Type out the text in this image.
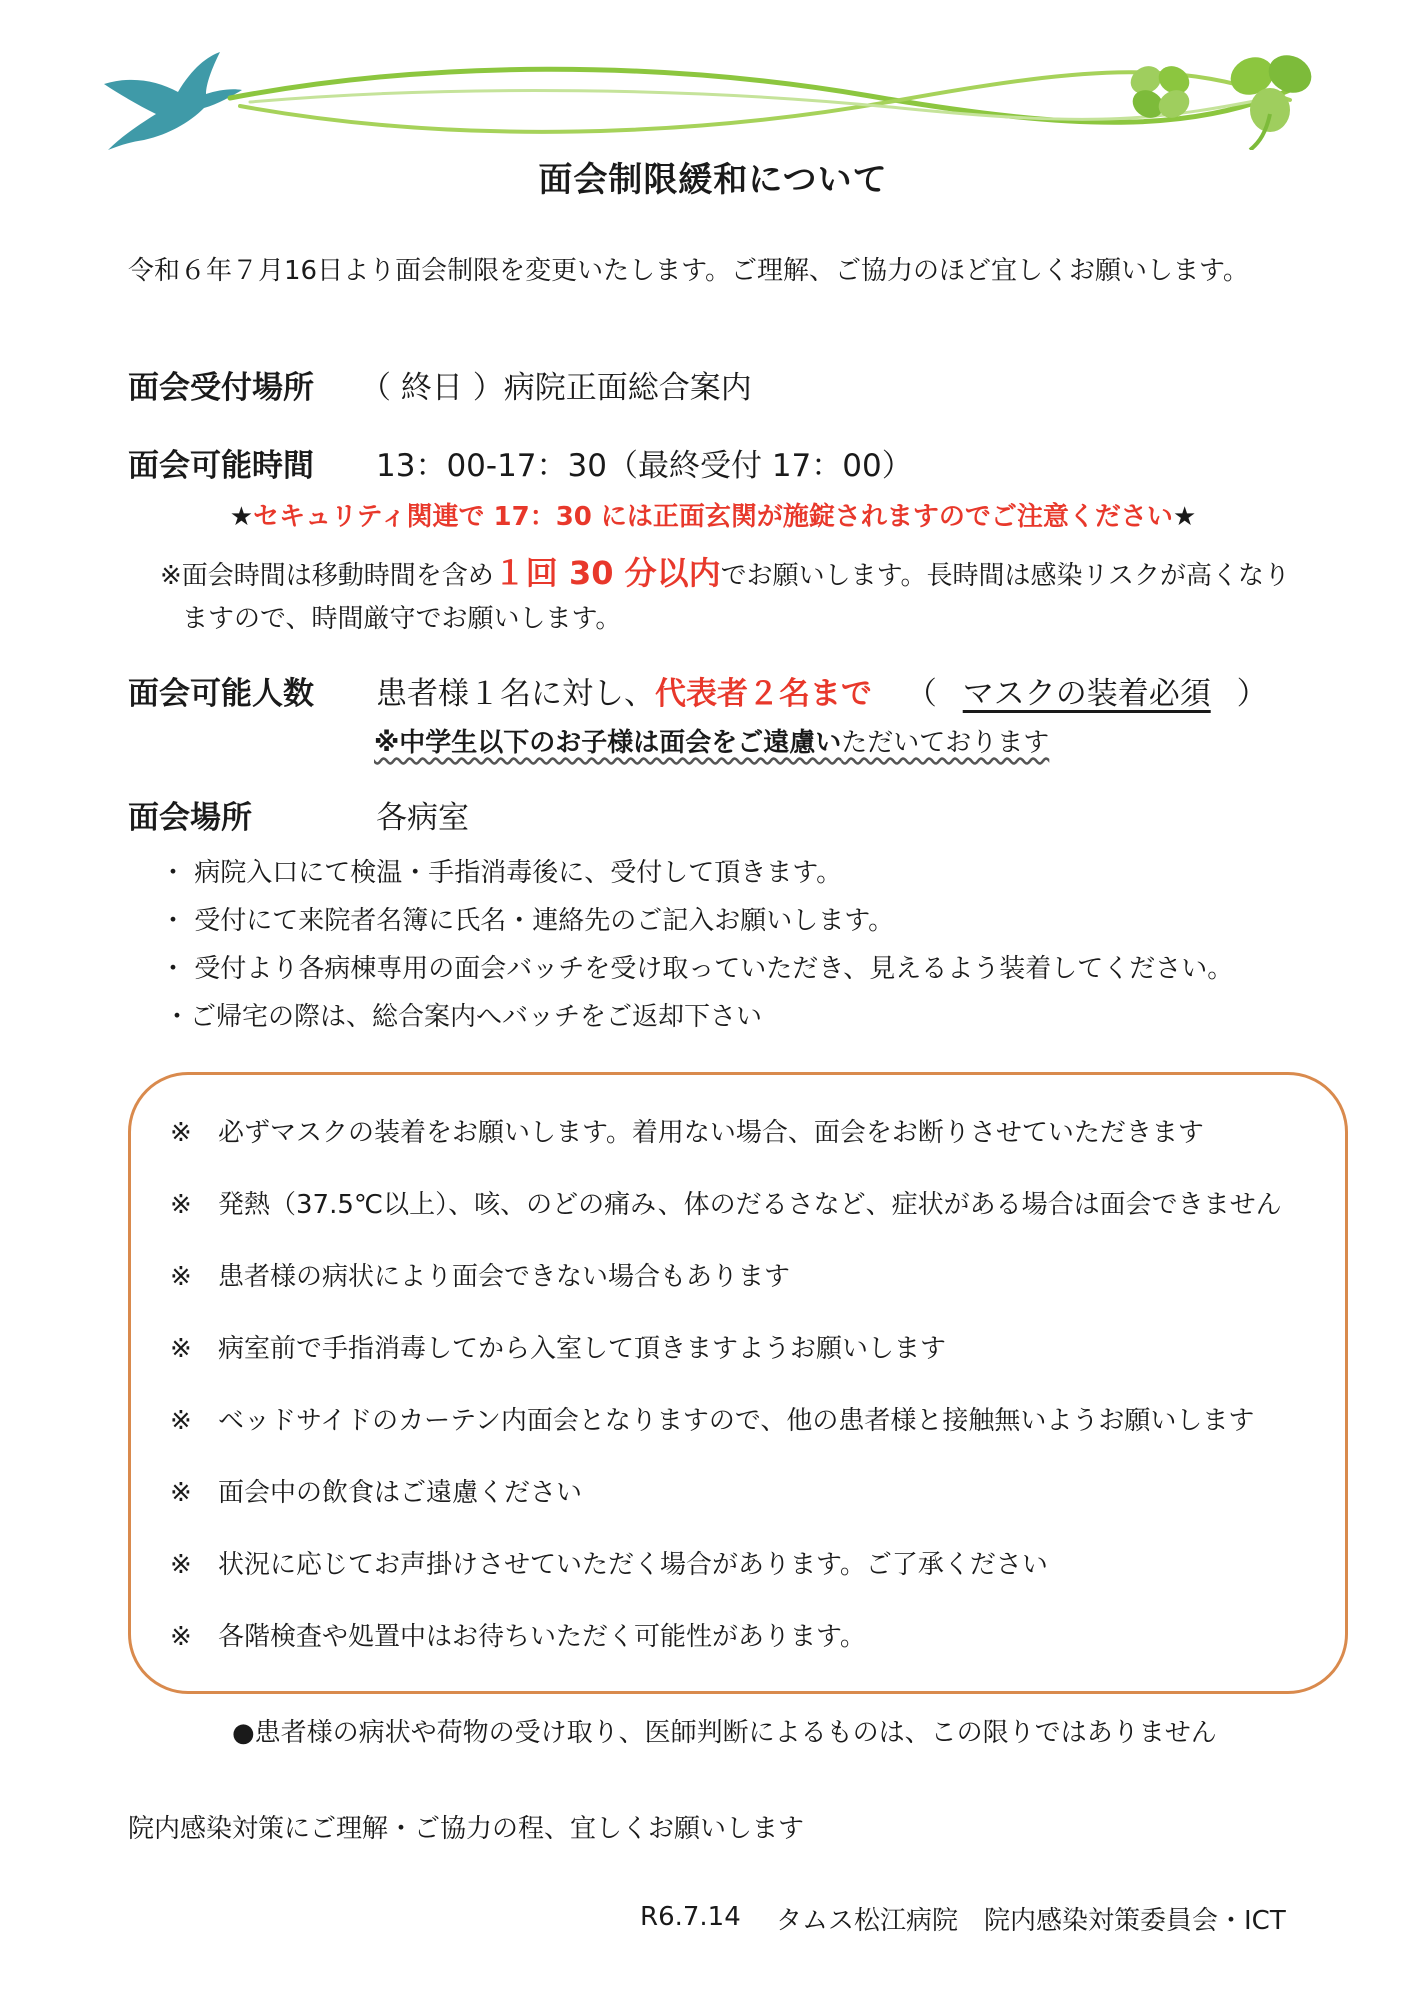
面会制限緩和について
令和６年７月16日より面会制限を変更いたします。ご理解、ご協力のほど宜しくお願いします。
面会受付場所 （ 終日 ）病院正面総合案内
面会可能時間 13：00-17：30（最終受付 17：00）
★セキュリティ関連で 17：30 には正面玄関が施錠されますのでご注意ください★
※面会時間は移動時間を含め１回 30 分以内でお願いします。長時間は感染リスクが高くなり
ますので、時間厳守でお願いします。
面会可能人数 患者様１名に対し、代表者２名まで （ マスクの装着必須 ）
※中学生以下のお子様は面会をご遠慮いただいております
面会場所	各病室
・ 病院入口にて検温・手指消毒後に、受付して頂きます。
・ 受付にて来院者名簿に氏名・連絡先のご記入お願いします。
・ 受付より各病棟専用の面会バッチを受け取っていただき、見えるよう装着してください。
・ご帰宅の際は、総合案内へバッチをご返却下さい
※ 必ずマスクの装着をお願いします。着用ない場合、面会をお断りさせていただきます
※ 発熱（37.5℃以上）、咳、のどの痛み、体のだるさなど、症状がある場合は面会できません
※ 患者様の病状により面会できない場合もあります
※ 病室前で手指消毒してから入室して頂きますようお願いします
※ ベッドサイドのカーテン内面会となりますので、他の患者様と接触無いようお願いします
※ 面会中の飲食はご遠慮ください
※ 状況に応じてお声掛けさせていただく場合があります。ご了承ください
※ 各階検査や処置中はお待ちいただく可能性があります。
●患者様の病状や荷物の受け取り、医師判断によるものは、この限りではありません
院内感染対策にご理解・ご協力の程、宜しくお願いします
R6.7.14 タムス松江病院　院内感染対策委員会・ICT
